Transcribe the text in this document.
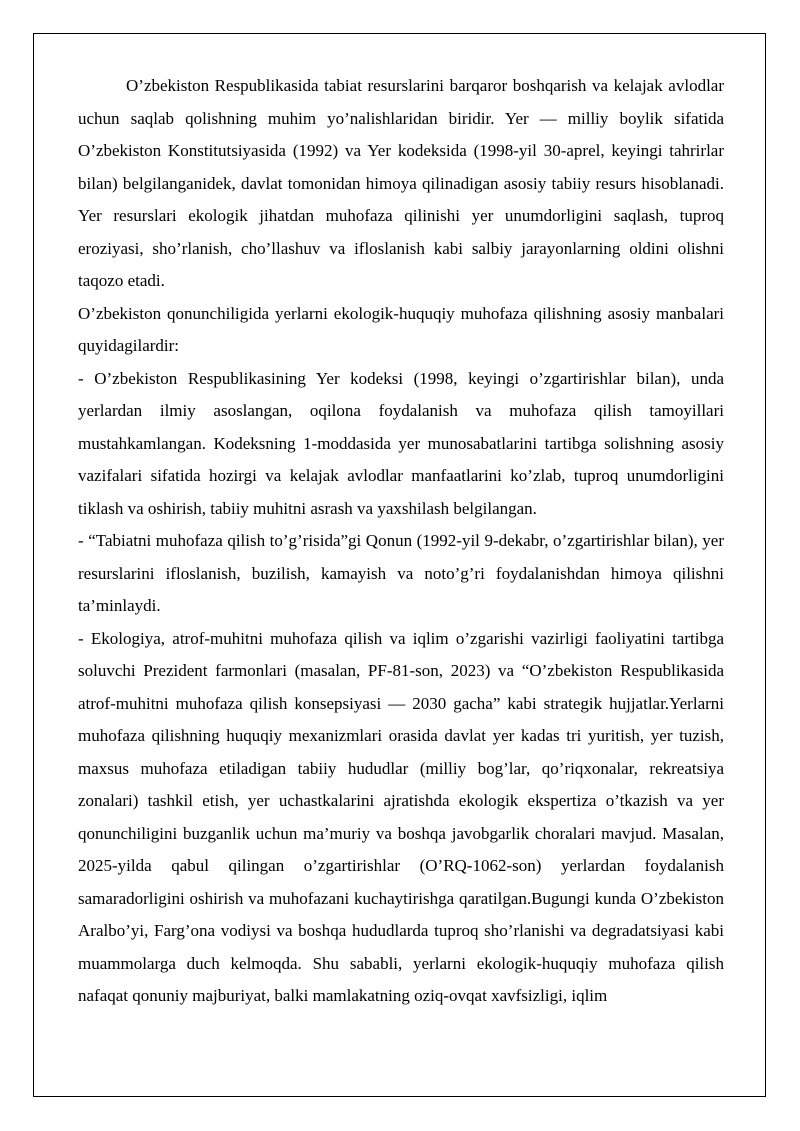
O’zbekiston Respublikasida tabiat resurslarini barqaror boshqarish va kelajak avlodlar uchun saqlab qolishning muhim yo’nalishlaridan biridir. Yer — milliy boylik sifatida O’zbekiston Konstitutsiyasida (1992) va Yer kodeksida (1998-yil 30-aprel, keyingi tahrirlar bilan) belgilanganidek, davlat tomonidan himoya qilinadigan asosiy tabiiy resurs hisoblanadi. Yer resurslari ekologik jihatdan muhofaza qilinishi yer unumdorligini saqlash, tuproq eroziyasi, sho’rlanish, cho’llashuv va ifloslanish kabi salbiy jarayonlarning oldini olishni taqozo etadi.

O’zbekiston qonunchiligida yerlarni ekologik-huquqiy muhofaza qilishning asosiy manbalari quyidagilardir:

- O’zbekiston Respublikasining Yer kodeksi (1998, keyingi o’zgartirishlar bilan), unda yerlardan ilmiy asoslangan, oqilona foydalanish va muhofaza qilish tamoyillari mustahkamlangan. Kodeksning 1-moddasida yer munosabatlarini tartibga solishning asosiy vazifalari sifatida hozirgi va kelajak avlodlar manfaatlarini ko’zlab, tuproq unumdorligini tiklash va oshirish, tabiiy muhitni asrash va yaxshilash belgilangan.

- “Tabiatni muhofaza qilish to’g’risida”gi Qonun (1992-yil 9-dekabr, o’zgartirishlar bilan), yer resurslarini ifloslanish, buzilish, kamayish va noto’g’ri foydalanishdan himoya qilishni ta’minlaydi.

- Ekologiya, atrof-muhitni muhofaza qilish va iqlim o’zgarishi vazirligi faoliyatini tartibga soluvchi Prezident farmonlari (masalan, PF-81-son, 2023) va “O’zbekiston Respublikasida atrof-muhitni muhofaza qilish konsepsiyasi — 2030 gacha” kabi strategik hujjatlar.Yerlarni muhofaza qilishning huquqiy mexanizmlari orasida davlat yer kadas tri yuritish, yer tuzish, maxsus muhofaza etiladigan tabiiy hududlar (milliy bog’lar, qo’riqxonalar, rekreatsiya zonalari) tashkil etish, yer uchastkalarini ajratishda ekologik ekspertiza o’tkazish va yer qonunchiligini buzganlik uchun ma’muriy va boshqa javobgarlik choralari mavjud. Masalan, 2025-yilda qabul qilingan o’zgartirishlar (O’RQ-1062-son) yerlardan foydalanish samaradorligini oshirish va muhofazani kuchaytirishga qaratilgan.Bugungi kunda O’zbekiston Aralbo’yi, Farg’ona vodiysi va boshqa hududlarda tuproq sho’rlanishi va degradatsiyasi kabi muammolarga duch kelmoqda. Shu sababli, yerlarni ekologik-huquqiy muhofaza qilish nafaqat qonuniy majburiyat, balki mamlakatning oziq-ovqat xavfsizligi, iqlim
